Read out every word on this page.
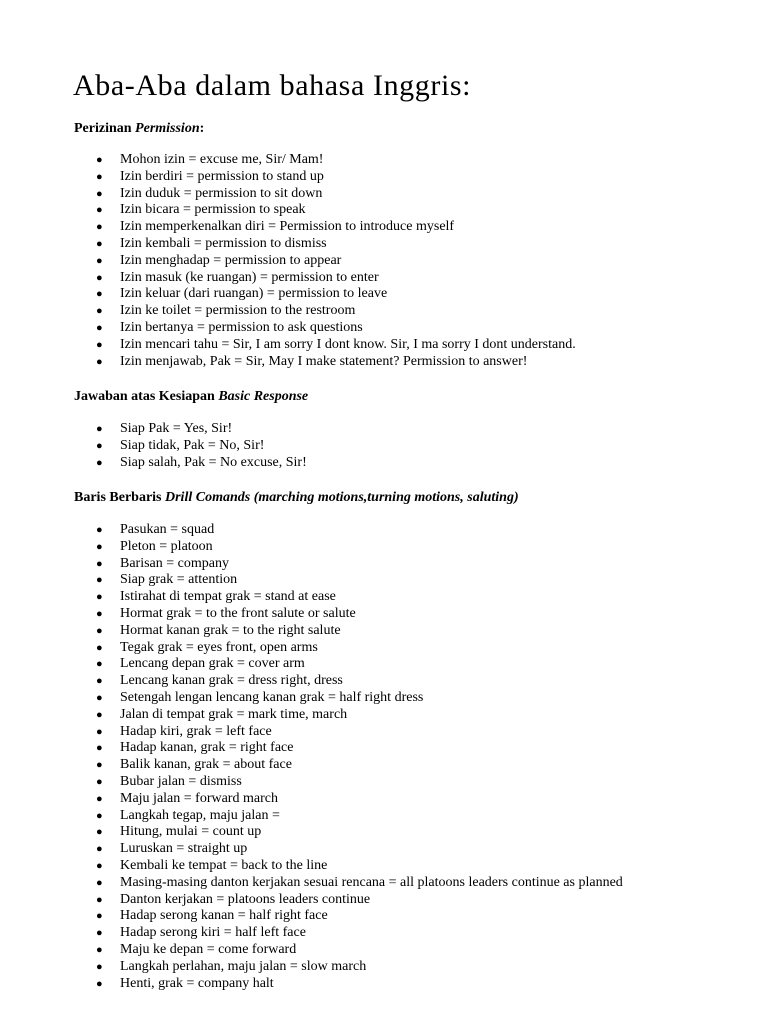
Aba-Aba dalam bahasa Inggris:

Perizinan Permission:

● Mohon izin = excuse me, Sir/ Mam!
● Izin berdiri = permission to stand up
● Izin duduk = permission to sit down
● Izin bicara = permission to speak
● Izin memperkenalkan diri = Permission to introduce myself
● Izin kembali = permission to dismiss
● Izin menghadap = permission to appear
● Izin masuk (ke ruangan) = permission to enter
● Izin keluar (dari ruangan) = permission to leave
● Izin ke toilet = permission to the restroom
● Izin bertanya = permission to ask questions
● Izin mencari tahu = Sir, I am sorry I dont know. Sir, I ma sorry I dont understand.
● Izin menjawab, Pak = Sir, May I make statement? Permission to answer!

Jawaban atas Kesiapan Basic Response

● Siap Pak = Yes, Sir!
● Siap tidak, Pak = No, Sir!
● Siap salah, Pak = No excuse, Sir!

Baris Berbaris Drill Comands (marching motions,turning motions, saluting)

● Pasukan = squad
● Pleton = platoon
● Barisan = company
● Siap grak = attention
● Istirahat di tempat grak = stand at ease
● Hormat grak = to the front salute or salute
● Hormat kanan grak = to the right salute
● Tegak grak = eyes front, open arms
● Lencang depan grak = cover arm
● Lencang kanan grak = dress right, dress
● Setengah lengan lencang kanan grak = half right dress
● Jalan di tempat grak = mark time, march
● Hadap kiri, grak = left face
● Hadap kanan, grak = right face
● Balik kanan, grak = about face
● Bubar jalan = dismiss
● Maju jalan = forward march
● Langkah tegap, maju jalan =
● Hitung, mulai = count up
● Luruskan = straight up
● Kembali ke tempat = back to the line
● Masing-masing danton kerjakan sesuai rencana = all platoons leaders continue as planned
● Danton kerjakan = platoons leaders continue
● Hadap serong kanan = half right face
● Hadap serong kiri = half left face
● Maju ke depan = come forward
● Langkah perlahan, maju jalan = slow march
● Henti, grak = company halt
